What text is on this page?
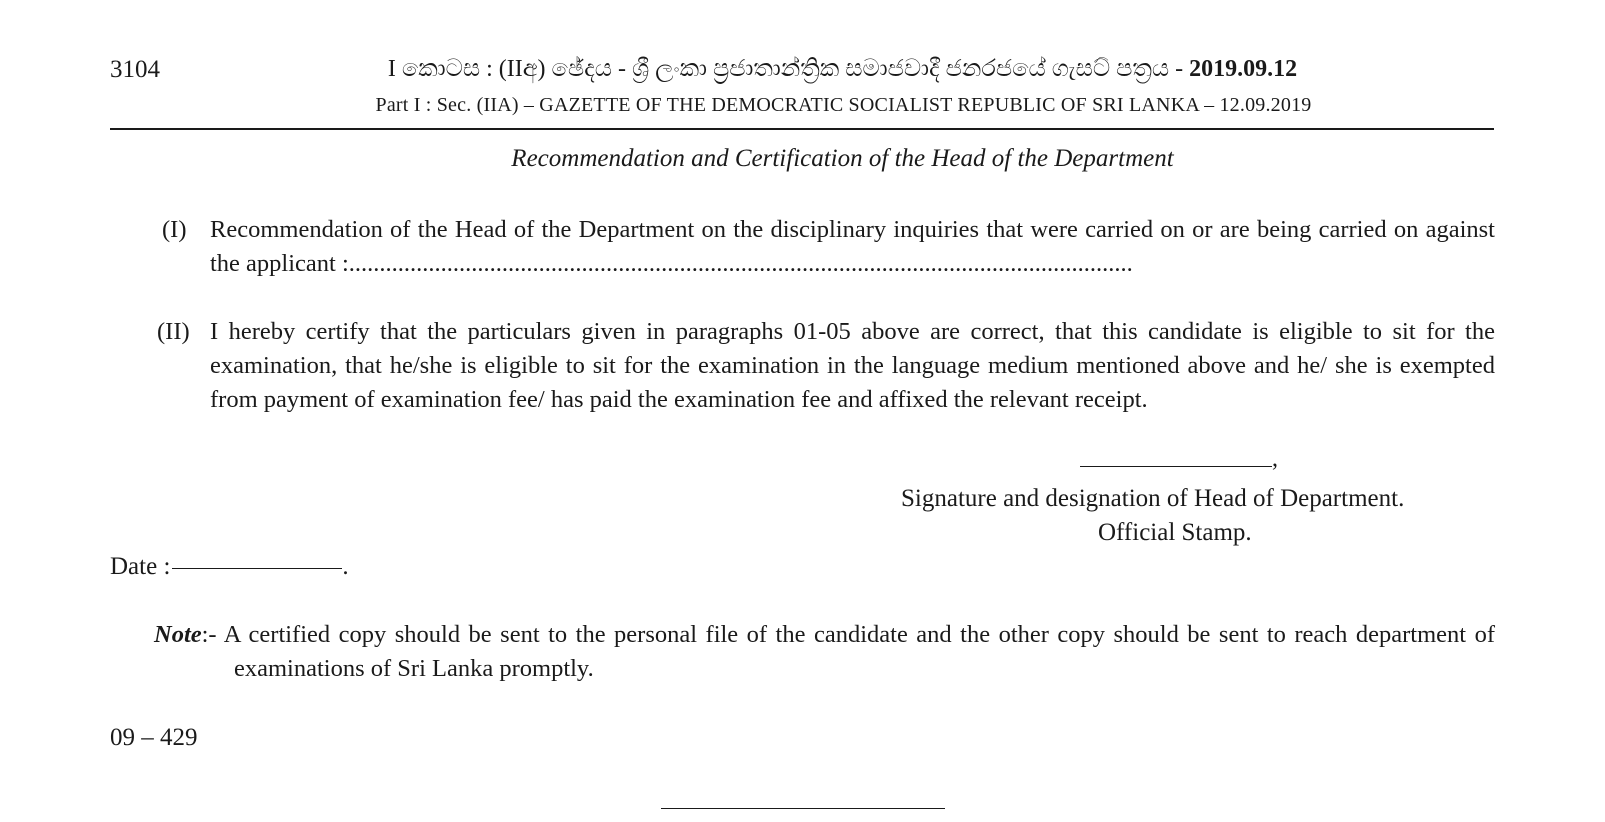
3104	I කොටස : (IIඅ) ඡේදය - ශ්‍රී ලංකා ප්‍රජාතාන්ත්‍රික සමාජවාදී ජනරජයේ ගැසට් පත්‍රය - 2019.09.12
Part I : Sec. (IIA) – GAZETTE OF THE DEMOCRATIC SOCIALIST REPUBLIC OF SRI LANKA – 12.09.2019
Recommendation and Certification of the Head of the Department
(I) Recommendation of the Head of the Department on the disciplinary inquiries that were carried on or are being carried on against the applicant :................................................................................................................................
(II) I hereby certify that the particulars given in paragraphs 01-05 above are correct, that this candidate is eligible to sit for the examination, that he/she is eligible to sit for the examination in the language medium mentioned above and he/ she is exempted from payment of examination fee/ has paid the examination fee and affixed the relevant receipt.
,
Signature and designation of Head of Department.
Official Stamp.
Date :	.
Note:- A certified copy should be sent to the personal file of the candidate and the other copy should be sent to reach department of examinations of Sri Lanka promptly.
09 – 429
